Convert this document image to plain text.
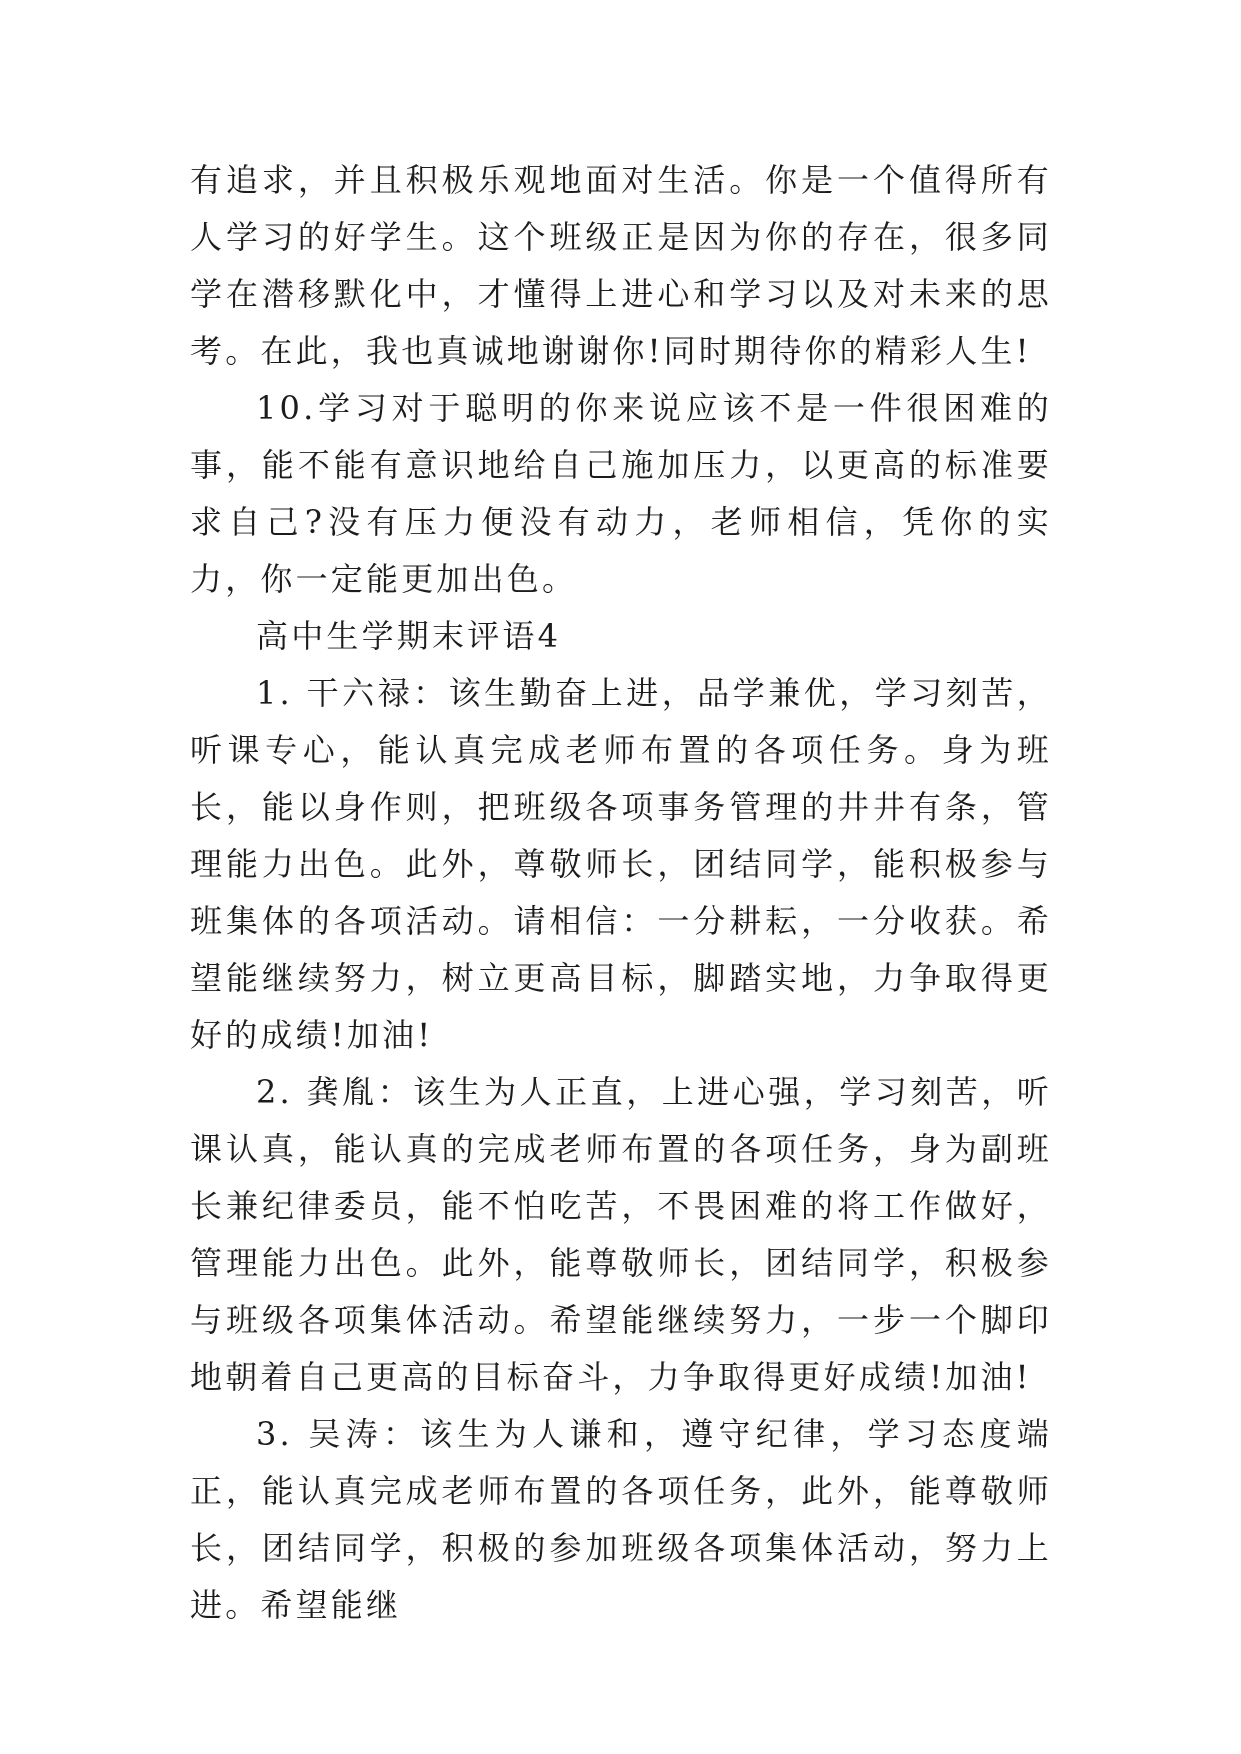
有追求，并且积极乐观地面对生活。你是一个值得所有人学习的好学生。这个班级正是因为你的存在，很多同学在潜移默化中，才懂得上进心和学习以及对未来的思考。在此，我也真诚地谢谢你!同时期待你的精彩人生!

10.学习对于聪明的你来说应该不是一件很困难的事，能不能有意识地给自己施加压力，以更高的标准要求自己?没有压力便没有动力，老师相信，凭你的实力，你一定能更加出色。

高中生学期末评语4

1. 干六禄：该生勤奋上进，品学兼优，学习刻苦，听课专心，能认真完成老师布置的各项任务。身为班长，能以身作则，把班级各项事务管理的井井有条，管理能力出色。此外，尊敬师长，团结同学，能积极参与班集体的各项活动。请相信：一分耕耘，一分收获。希望能继续努力，树立更高目标，脚踏实地，力争取得更好的成绩!加油!

2. 龚胤：该生为人正直，上进心强，学习刻苦，听课认真，能认真的完成老师布置的各项任务，身为副班长兼纪律委员，能不怕吃苦，不畏困难的将工作做好，管理能力出色。此外，能尊敬师长，团结同学，积极参与班级各项集体活动。希望能继续努力，一步一个脚印地朝着自己更高的目标奋斗，力争取得更好成绩!加油!

3. 吴涛：该生为人谦和，遵守纪律，学习态度端正，能认真完成老师布置的各项任务，此外，能尊敬师长，团结同学，积极的参加班级各项集体活动，努力上进。希望能继
